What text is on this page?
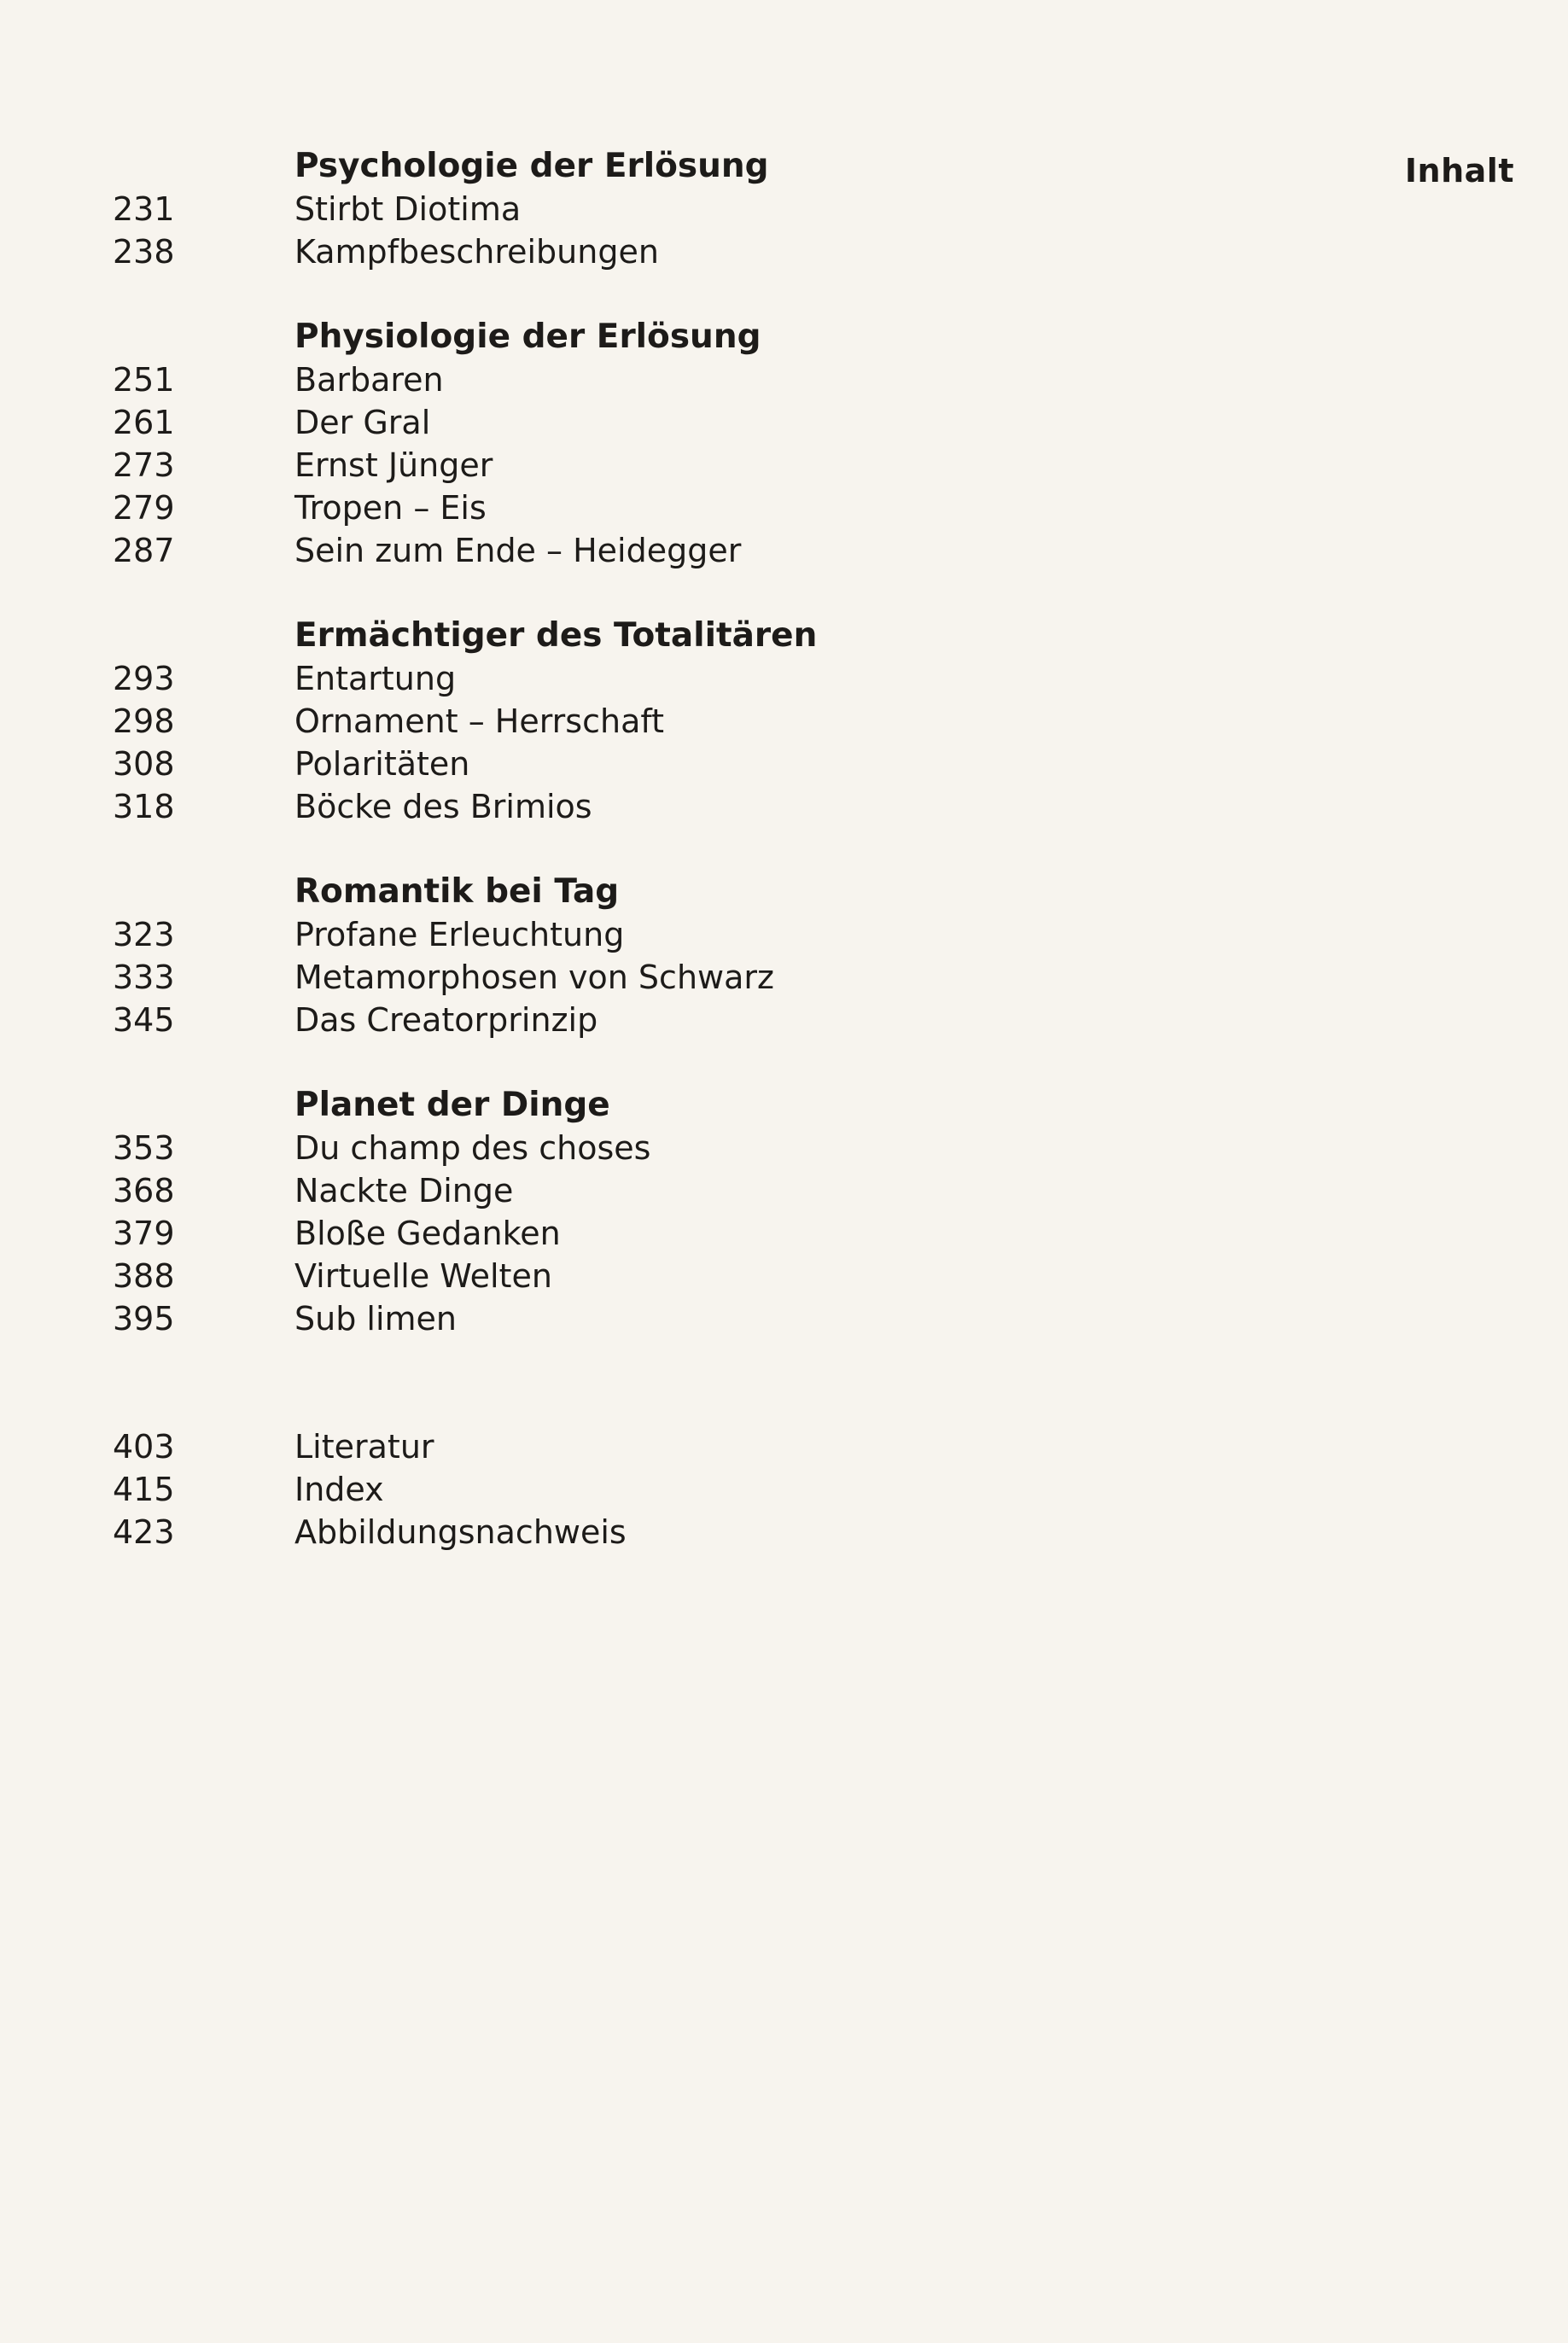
Inhalt
Psychologie der Erlösung
231	Stirbt Diotima
238	Kampfbeschreibungen
Physiologie der Erlösung
251	Barbaren
261	Der Gral
273	Ernst Jünger
279	Tropen – Eis
287	Sein zum Ende – Heidegger
Ermächtiger des Totalitären
293	Entartung
298	Ornament – Herrschaft
308	Polaritäten
318	Böcke des Brimios
Romantik bei Tag
323	Profane Erleuchtung
333	Metamorphosen von Schwarz
345	Das Creatorprinzip
Planet der Dinge
353	Du champ des choses
368	Nackte Dinge
379	Bloße Gedanken
388	Virtuelle Welten
395	Sub limen
403	Literatur
415	Index
423	Abbildungsnachweis
